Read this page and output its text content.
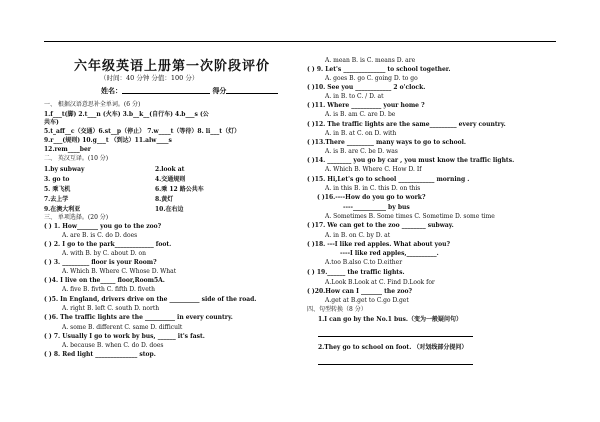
六年级英语上册第一次阶段评价
（时间：40 分钟 分值：100 分）
姓名：	得分
一、 根据汉语意思补全单词。(6 分)
1.f___t(脚) 2.t___n (火车) 3.b__k__(自行车) 4.b___s (公
共车)
5.t_aff__c（交通）6.st__p（停止） 7.w____t（等待）8. li___t（灯）
9.r___(规则) 10.g___t （到达）11.alw____s
12.rem____ber
二、 英汉互译。(10 分)
1.by subway	2.look at
3. go to	4.交通规则
5. 乘飞机	6.乘 12 路公共车
7.去上学	8.黄灯
9.在澳大利亚	10.在右边
三、 单项选择。(20 分)
( ) 1. How_______ you go to the zoo?
A. are B. is C. do D. does
( ) 2. I go to the park_____________ foot.
A. with B. by C. about D. on
( ) 3. _________ floor is your Room?
A. Which B. Where C. Whose D. What
( )4. I live on the_____ floor,Room5A.
A. five B. fivth C. fifth D. fiveth
( )5. In England, drivers drive on the __________ side of the road.
A. right B. left C. south D. north
( )6. The traffic lights are the __________ in every country.
A. some B. different C. same D. difficult
( ) 7. Usually I go to work by bus, ______ it's fast.
A. because B. when C. do D. does
( ) 8. Red light ______________ stop.
A. mean B. is C. means D. are
( ) 9. Let's ______________ to school together.
A. goes B. go C. going D. to go
( )10. See you ____________ 2 o'clock.
A. in B. to C. / D. at
( )11. Where __________ your home ?
A. is B. am C. are D. be
( )12. The traffic lights are the same_________ every country.
A. in B. at C. on D. with
( )13.There _________ many ways to go to school.
A. is B. are C. be D. was
( )14. ________ you go by car , you must know the traffic lights.
A. Which B. Where C. How D. If
( )15. Hi,Let's go to school ____________ morning .
A. in this B. in C. this D. on this
( )16.----How do you go to work?
----___________ by bus
A. Sometimes B. Some times C. Sometime D. some time
( )17. We can get to the zoo ________ subway.
A. in B. on C. by D. at
( )18. ---I like red apples. What about you?
----I like red apples,__________.
A.too B.also C.to D.either
( ) 19.______ the traffic lights.
A.Look B.Look at C. Find D.Look for
( )20.How can I _______ the zoo?
A.get at B.get to C.go D.get
四、句型转换（8 分）
1.I can go by the No.1 bus.（变为一般疑问句）
2.They go to school on foot. （对划线部分提问）
